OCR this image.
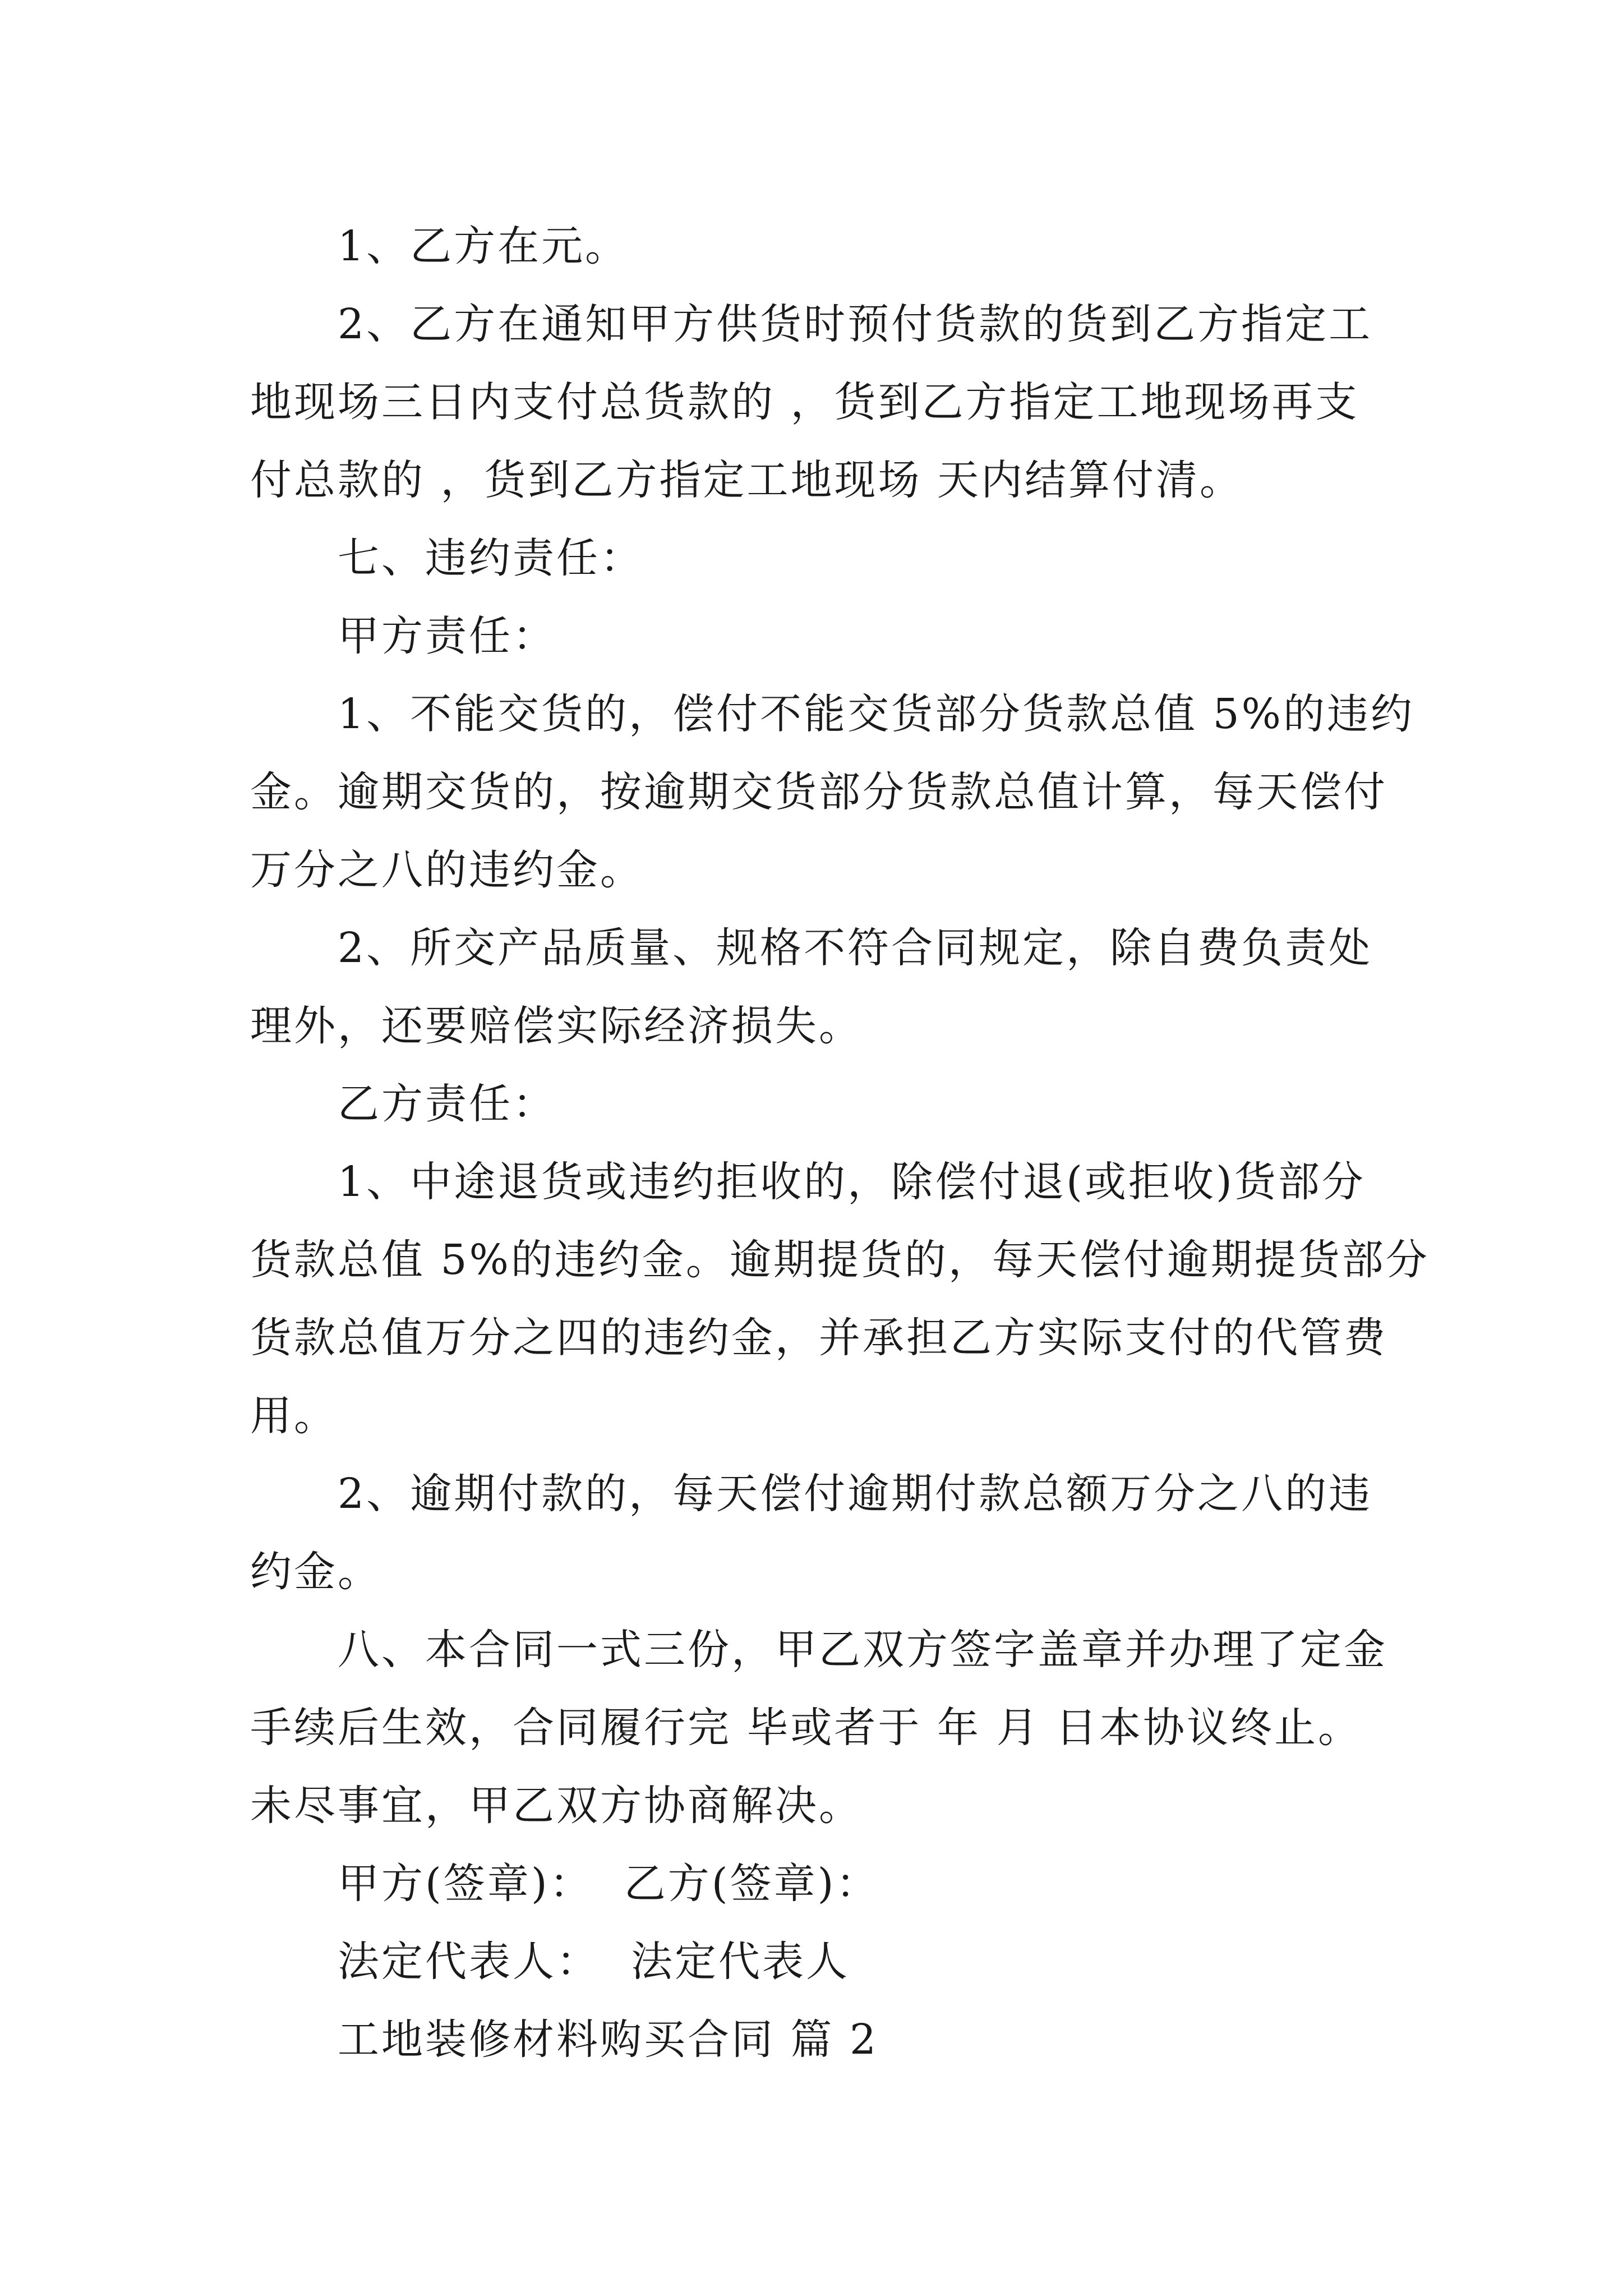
1、乙方在元。
2、乙方在通知甲方供货时预付货款的货到乙方指定工
地现场三日内支付总货款的 ，货到乙方指定工地现场再支
付总款的 ，货到乙方指定工地现场 天内结算付清。
七、违约责任：
甲方责任：
1、不能交货的，偿付不能交货部分货款总值 5%的违约
金。逾期交货的，按逾期交货部分货款总值计算，每天偿付
万分之八的违约金。
2、所交产品质量、规格不符合同规定，除自费负责处
理外，还要赔偿实际经济损失。
乙方责任：
1、中途退货或违约拒收的，除偿付退(或拒收)货部分
货款总值 5%的违约金。逾期提货的，每天偿付逾期提货部分
货款总值万分之四的违约金，并承担乙方实际支付的代管费
用。
2、逾期付款的，每天偿付逾期付款总额万分之八的违
约金。
八、本合同一式三份，甲乙双方签字盖章并办理了定金
手续后生效，合同履行完 毕或者于 年 月 日本协议终止。
未尽事宜，甲乙双方协商解决。
甲方(签章)：  乙方(签章)：
法定代表人：  法定代表人
工地装修材料购买合同 篇 2
